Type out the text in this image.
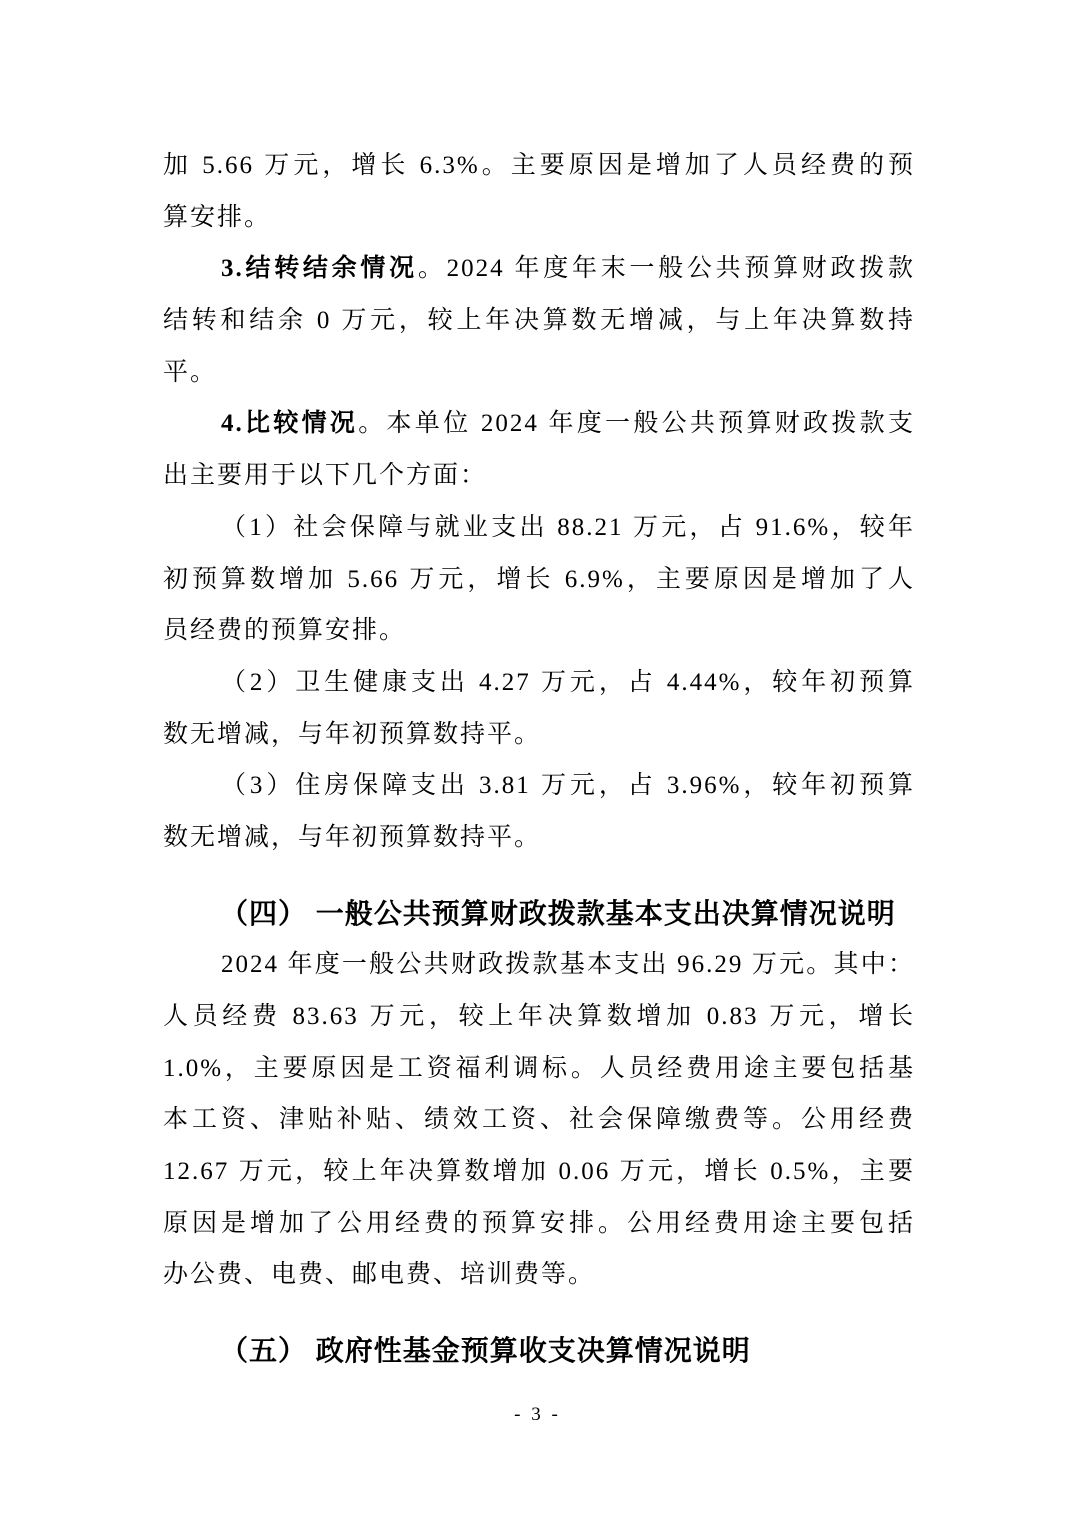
加 5.66 万元，增长 6.3%。主要原因是增加了人员经费的预
算安排。
3.结转结余情况。2024 年度年末一般公共预算财政拨款
结转和结余 0 万元，较上年决算数无增减，与上年决算数持
平。
4.比较情况。本单位 2024 年度一般公共预算财政拨款支
出主要用于以下几个方面：
（1）社会保障与就业支出 88.21 万元，占 91.6%，较年
初预算数增加 5.66 万元，增长 6.9%，主要原因是增加了人
员经费的预算安排。
（2）卫生健康支出 4.27 万元，占 4.44%，较年初预算
数无增减，与年初预算数持平。
（3）住房保障支出 3.81 万元，占 3.96%，较年初预算
数无增减，与年初预算数持平。
（四） 一般公共预算财政拨款基本支出决算情况说明
2024 年度一般公共财政拨款基本支出 96.29 万元。其中：
人员经费 83.63 万元，较上年决算数增加 0.83 万元，增长
1.0%，主要原因是工资福利调标。人员经费用途主要包括基
本工资、津贴补贴、绩效工资、社会保障缴费等。公用经费
12.67 万元，较上年决算数增加 0.06 万元，增长 0.5%，主要
原因是增加了公用经费的预算安排。公用经费用途主要包括
办公费、电费、邮电费、培训费等。
（五） 政府性基金预算收支决算情况说明
- 3 -
